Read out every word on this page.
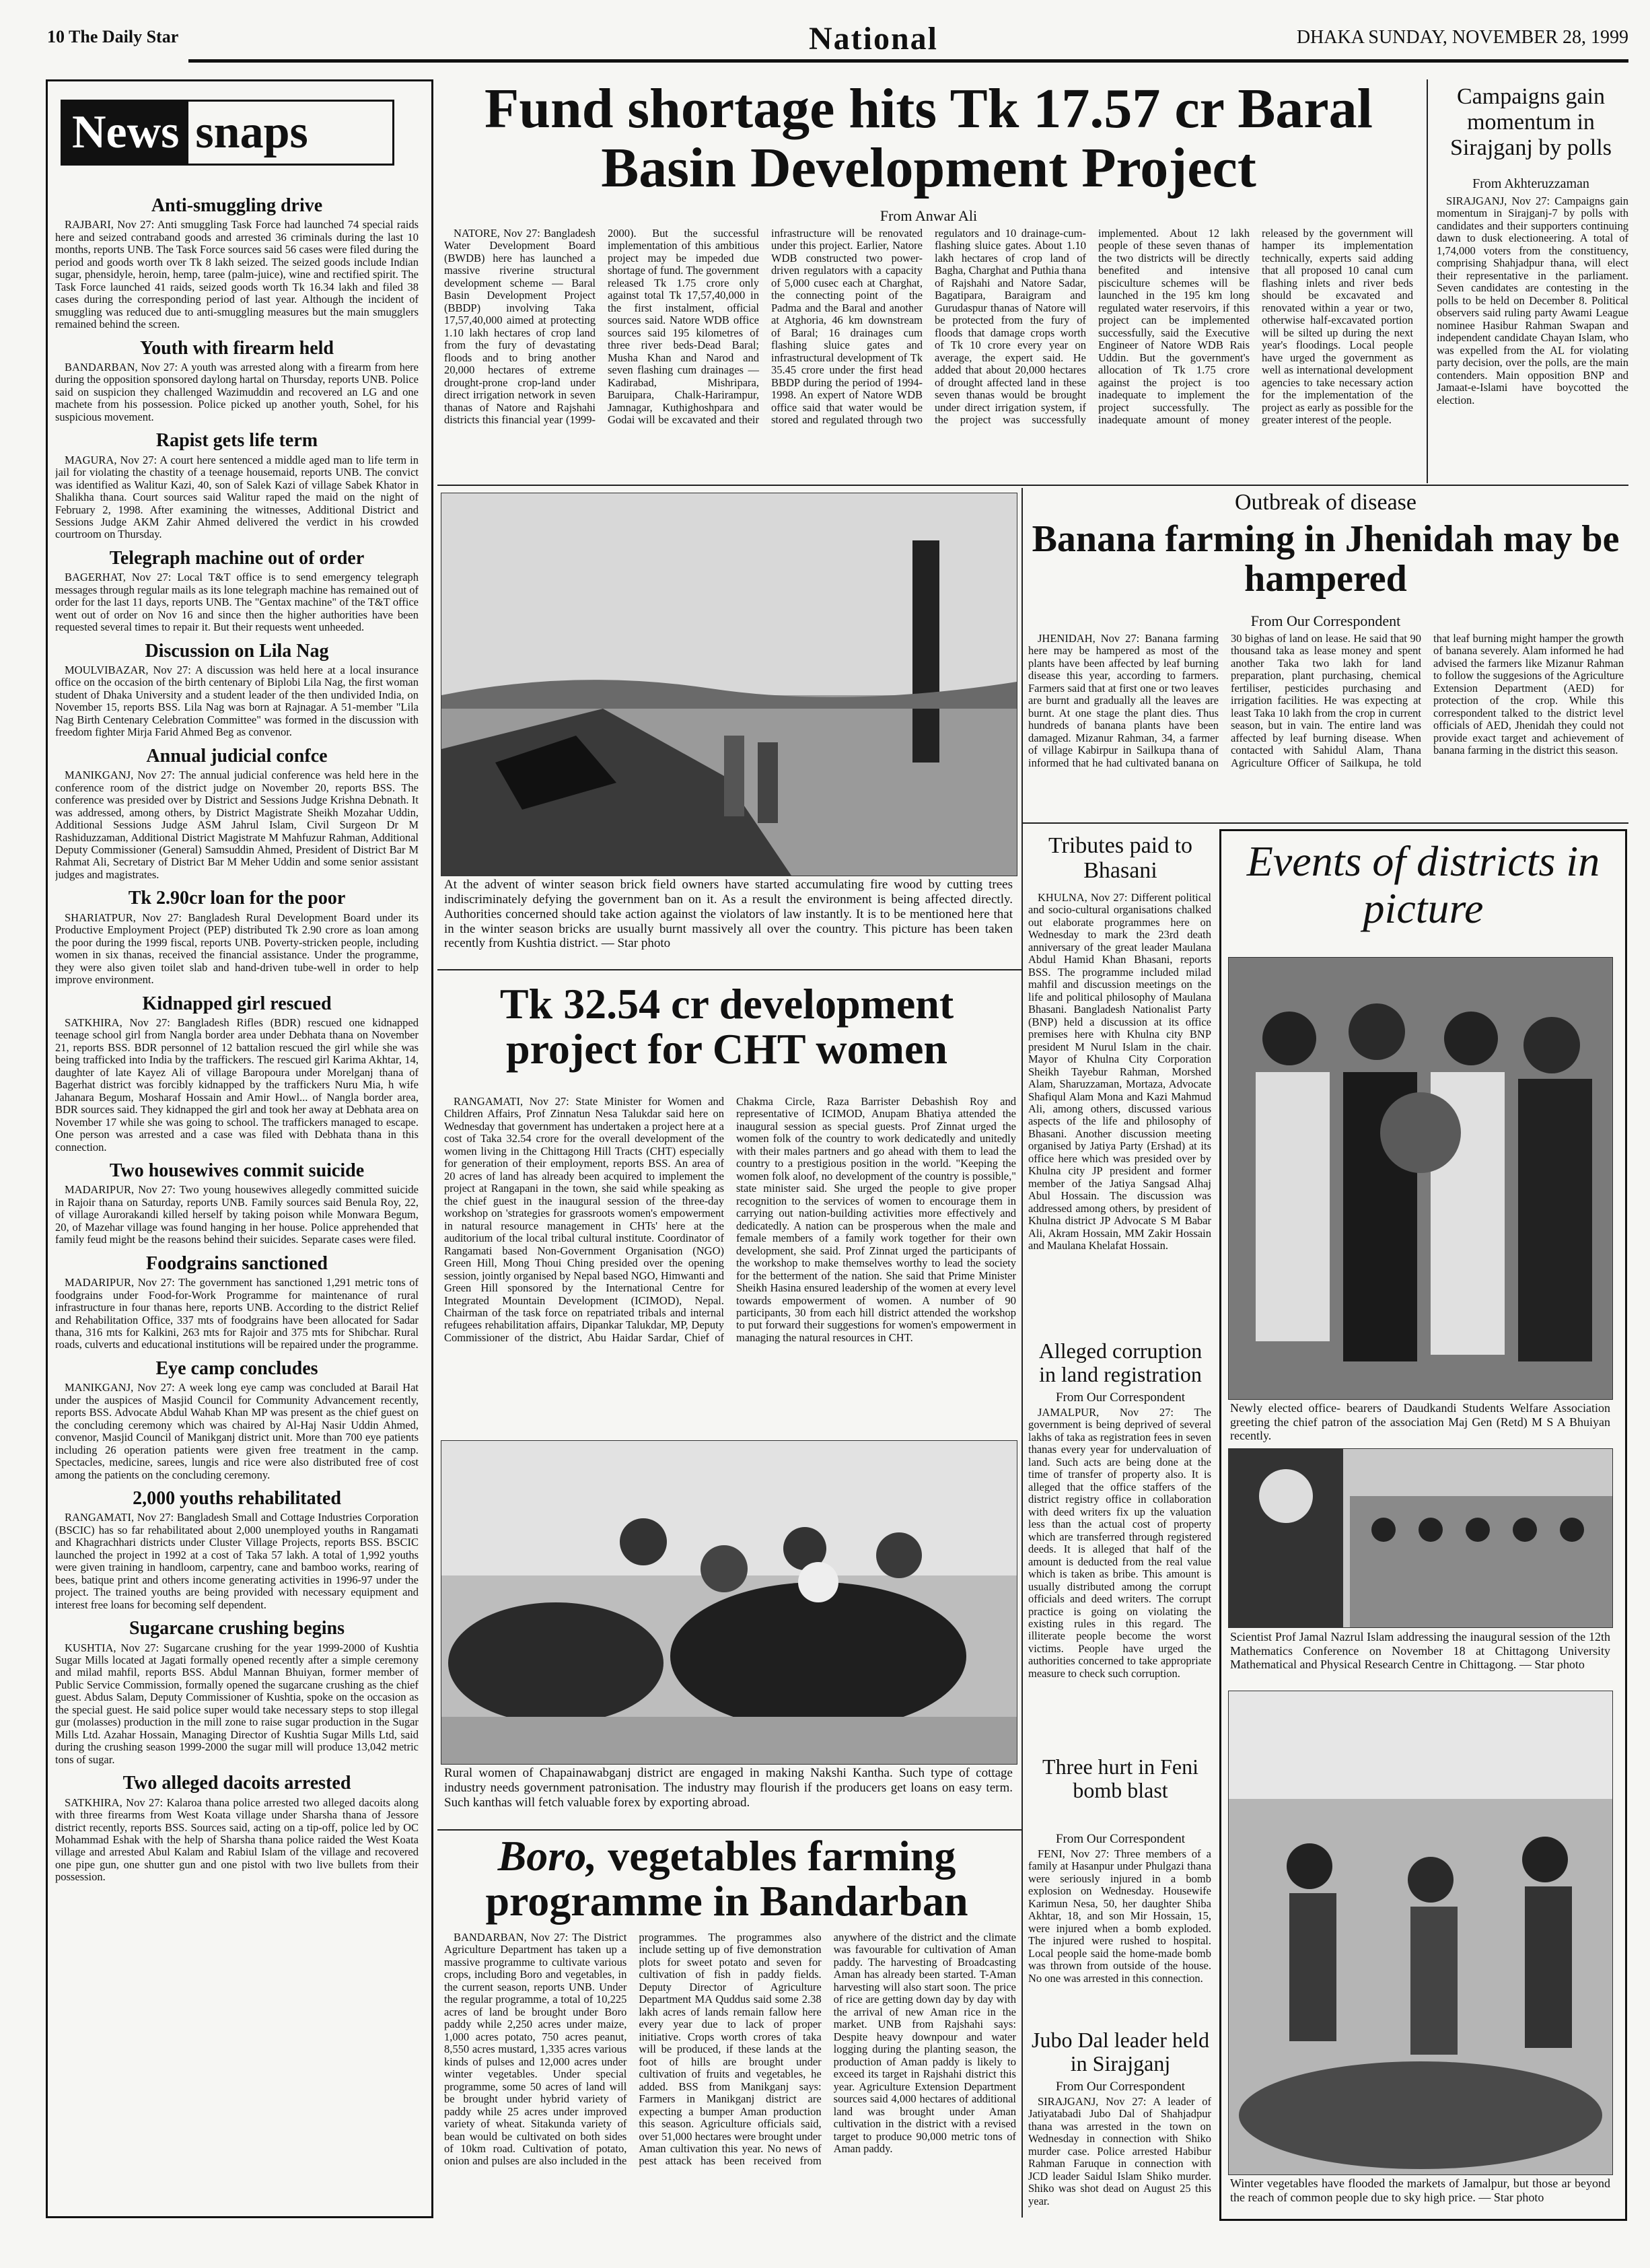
10 The Daily Star	National	DHAKA SUNDAY, NOVEMBER 28, 1999
News snaps
Anti-smuggling drive

RAJBARI, Nov 27: Anti smuggling Task Force had launched 74 special raids here and seized contraband goods and arrested 36 criminals during the last 10 months, reports UNB. The Task Force sources said 56 cases were filed during the period and goods worth over Tk 8 lakh seized. The seized goods include Indian sugar, phensidyle, heroin, hemp, taree (palm-juice), wine and rectified spirit. The Task Force launched 41 raids, seized goods worth Tk 16.34 lakh and filed 38 cases during the corresponding period of last year. Although the incident of smuggling was reduced due to anti-smuggling measures but the main smugglers remained behind the screen.

Youth with firearm held

BANDARBAN, Nov 27: A youth was arrested along with a firearm from here during the opposition sponsored daylong hartal on Thursday, reports UNB. Police said on suspicion they challenged Wazimuddin and recovered an LG and one machete from his possession. Police picked up another youth, Sohel, for his suspicious movement.

Rapist gets life term

MAGURA, Nov 27: A court here sentenced a middle aged man to life term in jail for violating the chastity of a teenage housemaid, reports UNB. The convict was identified as Walitur Kazi, 40, son of Salek Kazi of village Sabek Khator in Shalikha thana. Court sources said Walitur raped the maid on the night of February 2, 1998. After examining the witnesses, Additional District and Sessions Judge AKM Zahir Ahmed delivered the verdict in his crowded courtroom on Thursday.

Telegraph machine out of order

BAGERHAT, Nov 27: Local T&T office is to send emergency telegraph messages through regular mails as its lone telegraph machine has remained out of order for the last 11 days, reports UNB. The "Gentax machine" of the T&T office went out of order on Nov 16 and since then the higher authorities have been requested several times to repair it. But their requests went unheeded.

Discussion on Lila Nag

MOULVIBAZAR, Nov 27: A discussion was held here at a local insurance office on the occasion of the birth centenary of Biplobi Lila Nag, the first woman student of Dhaka University and a student leader of the then undivided India, on November 15, reports BSS. Lila Nag was born at Rajnagar. A 51-member "Lila Nag Birth Centenary Celebration Committee" was formed in the discussion with freedom fighter Mirja Farid Ahmed Beg as convenor.

Annual judicial confce

MANIKGANJ, Nov 27: The annual judicial conference was held here in the conference room of the district judge on November 20, reports BSS. The conference was presided over by District and Sessions Judge Krishna Debnath. It was addressed, among others, by District Magistrate Sheikh Mozahar Uddin, Additional Sessions Judge ASM Jahrul Islam, Civil Surgeon Dr M Rashiduzzaman, Additional District Magistrate M Mahfuzur Rahman, Additional Deputy Commissioner (General) Samsuddin Ahmed, President of District Bar M Rahmat Ali, Secretary of District Bar M Meher Uddin and some senior assistant judges and magistrates.

Tk 2.90cr loan for the poor

SHARIATPUR, Nov 27: Bangladesh Rural Development Board under its Productive Employment Project (PEP) distributed Tk 2.90 crore as loan among the poor during the 1999 fiscal, reports UNB. Poverty-stricken people, including women in six thanas, received the financial assistance. Under the programme, they were also given toilet slab and hand-driven tube-well in order to help improve environment.

Kidnapped girl rescued

SATKHIRA, Nov 27: Bangladesh Rifles (BDR) rescued one kidnapped teenage school girl from Nangla border area under Debhata thana on November 21, reports BSS. BDR personnel of 12 battalion rescued the girl while she was being trafficked into India by the traffickers. The rescued girl Karima Akhtar, 14, daughter of late Kayez Ali of village Baropoura under Morelganj thana of Bagerhat district was forcibly kidnapped by the traffickers Nuru Mia, h wife Jahanara Begum, Mosharaf Hossain and Amir Howl... of Nangla border area, BDR sources said. They kidnapped the girl and took her away at Debhata area on November 17 while she was going to school. The traffickers managed to escape. One person was arrested and a case was filed with Debhata thana in this connection.

Two housewives commit suicide

MADARIPUR, Nov 27: Two young housewives allegedly committed suicide in Rajoir thana on Saturday, reports UNB. Family sources said Benula Roy, 22, of village Aurorakandi killed herself by taking poison while Monwara Begum, 20, of Mazehar village was found hanging in her house. Police apprehended that family feud might be the reasons behind their suicides. Separate cases were filed.

Foodgrains sanctioned

MADARIPUR, Nov 27: The government has sanctioned 1,291 metric tons of foodgrains under Food-for-Work Programme for maintenance of rural infrastructure in four thanas here, reports UNB. According to the district Relief and Rehabilitation Office, 337 mts of foodgrains have been allocated for Sadar thana, 316 mts for Kalkini, 263 mts for Rajoir and 375 mts for Shibchar. Rural roads, culverts and educational institutions will be repaired under the programme.

Eye camp concludes

MANIKGANJ, Nov 27: A week long eye camp was concluded at Barail Hat under the auspices of Masjid Council for Community Advancement recently, reports BSS. Advocate Abdul Wahab Khan MP was present as the chief guest on the concluding ceremony which was chaired by Al-Haj Nasir Uddin Ahmed, convenor, Masjid Council of Manikganj district unit. More than 700 eye patients including 26 operation patients were given free treatment in the camp. Spectacles, medicine, sarees, lungis and rice were also distributed free of cost among the patients on the concluding ceremony.

2,000 youths rehabilitated

RANGAMATI, Nov 27: Bangladesh Small and Cottage Industries Corporation (BSCIC) has so far rehabilitated about 2,000 unemployed youths in Rangamati and Khagrachhari districts under Cluster Village Projects, reports BSS. BSCIC launched the project in 1992 at a cost of Taka 57 lakh. A total of 1,992 youths were given training in handloom, carpentry, cane and bamboo works, rearing of bees, batique print and others income generating activities in 1996-97 under the project. The trained youths are being provided with necessary equipment and interest free loans for becoming self dependent.

Sugarcane crushing begins

KUSHTIA, Nov 27: Sugarcane crushing for the year 1999-2000 of Kushtia Sugar Mills located at Jagati formally opened recently after a simple ceremony and milad mahfil, reports BSS. Abdul Mannan Bhuiyan, former member of Public Service Commission, formally opened the sugarcane crushing as the chief guest. Abdus Salam, Deputy Commissioner of Kushtia, spoke on the occasion as the special guest. He said police super would take necessary steps to stop illegal gur (molasses) production in the mill zone to raise sugar production in the Sugar Mills Ltd. Azahar Hossain, Managing Director of Kushtia Sugar Mills Ltd, said during the crushing season 1999-2000 the sugar mill will produce 13,042 metric tons of sugar.

Two alleged dacoits arrested

SATKHIRA, Nov 27: Kalaroa thana police arrested two alleged dacoits along with three firearms from West Koata village under Sharsha thana of Jessore district recently, reports BSS. Sources said, acting on a tip-off, police led by OC Mohammad Eshak with the help of Sharsha thana police raided the West Koata village and arrested Abul Kalam and Rabiul Islam of the village and recovered one pipe gun, one shutter gun and one pistol with two live bullets from their possession.

Fund shortage hits Tk 17.57 cr Baral Basin Development Project
From Anwar Ali

NATORE, Nov 27: Bangladesh Water Development Board (BWDB) here has launched a massive riverine structural development scheme — Baral Basin Development Project (BBDP) involving Taka 17,57,40,000 aimed at protecting 1.10 lakh hectares of crop land from the fury of devastating floods and to bring another 20,000 hectares of extreme drought-prone crop-land under direct irrigation network in seven thanas of Natore and Rajshahi districts this financial year (1999-2000). But the successful implementation of this ambitious project may be impeded due shortage of fund. The government released Tk 1.75 crore only against total Tk 17,57,40,000 in the first instalment, official sources said. Natore WDB office sources said 195 kilometres of three river beds-Dead Baral; Musha Khan and Narod and seven flashing cum drainages — Kadirabad, Mishripara, Baruipara, Chalk-Harirampur, Jamnagar, Kuthighoshpara and Godai will be excavated and their infrastructure will be renovated under this project. Earlier, Natore WDB constructed two power-driven regulators with a capacity of 5,000 cusec each at Charghat, the connecting point of the Padma and the Baral and another at Atghoria, 46 km downstream of Baral; 16 drainages cum flashing sluice gates and infrastructural development of Tk 35.45 crore under the first head BBDP during the period of 1994-1998. An expert of Natore WDB office said that water would be stored and regulated through two regulators and 10 drainage-cum-flashing sluice gates. About 1.10 lakh hectares of crop land of Bagha, Charghat and Puthia thana of Rajshahi and Natore Sadar, Bagatipara, Baraigram and Gurudaspur thanas of Natore will be protected from the fury of floods that damage crops worth of Tk 10 crore every year on average, the expert said. He added that about 20,000 hectares of drought affected land in these seven thanas would be brought under direct irrigation system, if the project was successfully implemented. About 12 lakh people of these seven thanas of the two districts will be directly benefited and intensive pisciculture schemes will be launched in the 195 km long regulated water reservoirs, if this project can be implemented successfully, said the Executive Engineer of Natore WDB Rais Uddin. But the government's allocation of Tk 1.75 crore against the project is too inadequate to implement the project successfully. The inadequate amount of money released by the government will hamper its implementation technically, experts said adding that all proposed 10 canal cum flashing inlets and river beds should be excavated and renovated within a year or two, otherwise half-excavated portion will be silted up during the next year's floodings. Local people have urged the government as well as international development agencies to take necessary action for the implementation of the project as early as possible for the greater interest of the people.

Campaigns gain momentum in Sirajganj by polls
From Akhteruzzaman

SIRAJGANJ, Nov 27: Campaigns gain momentum in Sirajganj-7 by polls with candidates and their supporters continuing dawn to dusk electioneering. A total of 1,74,000 voters from the constituency, comprising Shahjadpur thana, will elect their representative in the parliament. Seven candidates are contesting in the polls to be held on December 8. Political observers said ruling party Awami League nominee Hasibur Rahman Swapan and independent candidate Chayan Islam, who was expelled from the AL for violating party decision, over the polls, are the main contenders. Main opposition BNP and Jamaat-e-Islami have boycotted the election.

At the advent of winter season brick field owners have started accumulating fire wood by cutting trees indiscriminately defying the government ban on it. As a result the environment is being affected directly. Authorities concerned should take action against the violators of law instantly. It is to be mentioned here that in the winter season bricks are usually burnt massively all over the country. This picture has been taken recently from Kushtia district. — Star photo
Outbreak of disease
Banana farming in Jhenidah may be hampered
From Our Correspondent

JHENIDAH, Nov 27: Banana farming here may be hampered as most of the plants have been affected by leaf burning disease this year, according to farmers. Farmers said that at first one or two leaves are burnt and gradually all the leaves are burnt. At one stage the plant dies. Thus hundreds of banana plants have been damaged. Mizanur Rahman, 34, a farmer of village Kabirpur in Sailkupa thana of informed that he had cultivated banana on 30 bighas of land on lease. He said that 90 thousand taka as lease money and spent another Taka two lakh for land preparation, plant purchasing, chemical fertiliser, pesticides purchasing and irrigation facilities. He was expecting at least Taka 10 lakh from the crop in current season, but in vain. The entire land was affected by leaf burning disease. When contacted with Sahidul Alam, Thana Agriculture Officer of Sailkupa, he told that leaf burning might hamper the growth of banana severely. Alam informed he had advised the farmers like Mizanur Rahman to follow the suggesions of the Agriculture Extension Department (AED) for protection of the crop. While this correspondent talked to the district level officials of AED, Jhenidah they could not provide exact target and achievement of banana farming in the district this season.

Tributes paid to Bhasani

KHULNA, Nov 27: Different political and socio-cultural organisations chalked out elaborate programmes here on Wednesday to mark the 23rd death anniversary of the great leader Maulana Abdul Hamid Khan Bhasani, reports BSS. The programme included milad mahfil and discussion meetings on the life and political philosophy of Maulana Bhasani. Bangladesh Nationalist Party (BNP) held a discussion at its office premises here with Khulna city BNP president M Nurul Islam in the chair. Mayor of Khulna City Corporation Sheikh Tayebur Rahman, Morshed Alam, Sharuzzaman, Mortaza, Advocate Shafiqul Alam Mona and Kazi Mahmud Ali, among others, discussed various aspects of the life and philosophy of Bhasani. Another discussion meeting organised by Jatiya Party (Ershad) at its office here which was presided over by Khulna city JP president and former member of the Jatiya Sangsad Alhaj Abul Hossain. The discussion was addressed among others, by president of Khulna district JP Advocate S M Babar Ali, Akram Hossain, MM Zakir Hossain and Maulana Khelafat Hossain.

Alleged corruption in land registration
From Our Correspondent

JAMALPUR, Nov 27: The government is being deprived of several lakhs of taka as registration fees in seven thanas every year for undervaluation of land. Such acts are being done at the time of transfer of property also. It is alleged that the office staffers of the district registry office in collaboration with deed writers fix up the valuation less than the actual cost of property which are transferred through registered deeds. It is alleged that half of the amount is deducted from the real value which is taken as bribe. This amount is usually distributed among the corrupt officials and deed writers. The corrupt practice is going on violating the existing rules in this regard. The illiterate people become the worst victims. People have urged the authorities concerned to take appropriate measure to check such corruption.

Three hurt in Feni bomb blast
From Our Correspondent

FENI, Nov 27: Three members of a family at Hasanpur under Phulgazi thana were seriously injured in a bomb explosion on Wednesday. Housewife Karimun Nesa, 50, her daughter Shiba Akhtar, 18, and son Mir Hossain, 15, were injured when a bomb exploded. The injured were rushed to hospital. Local people said the home-made bomb was thrown from outside of the house. No one was arrested in this connection.

Jubo Dal leader held in Sirajganj
From Our Correspondent

SIRAJGANJ, Nov 27: A leader of Jatiyatabadi Jubo Dal of Shahjadpur thana was arrested in the town on Wednesday in connection with Shiko murder case. Police arrested Habibur Rahman Faruque in connection with JCD leader Saidul Islam Shiko murder. Shiko was shot dead on August 25 this year.

Tk 32.54 cr development project for CHT women

RANGAMATI, Nov 27: State Minister for Women and Children Affairs, Prof Zinnatun Nesa Talukdar said here on Wednesday that government has undertaken a project here at a cost of Taka 32.54 crore for the overall development of the women living in the Chittagong Hill Tracts (CHT) especially for generation of their employment, reports BSS. An area of 20 acres of land has already been acquired to implement the project at Rangapani in the town, she said while speaking as the chief guest in the inaugural session of the three-day workshop on 'strategies for grassroots women's empowerment in natural resource management in CHTs' here at the auditorium of the local tribal cultural institute. Coordinator of Rangamati based Non-Government Organisation (NGO) Green Hill, Mong Thoui Ching presided over the opening session, jointly organised by Nepal based NGO, Himwanti and Green Hill sponsored by the International Centre for Integrated Mountain Development (ICIMOD), Nepal. Chairman of the task force on repatriated tribals and internal refugees rehabilitation affairs, Dipankar Talukdar, MP, Deputy Commissioner of the district, Abu Haidar Sardar, Chief of Chakma Circle, Raza Barrister Debashish Roy and representative of ICIMOD, Anupam Bhatiya attended the inaugural session as special guests. Prof Zinnat urged the women folk of the country to work dedicatedly and unitedly with their males partners and go ahead with them to lead the country to a prestigious position in the world. "Keeping the women folk aloof, no development of the country is possible," state minister said. She urged the people to give proper recognition to the services of women to encourage them in carrying out nation-building activities more effectively and dedicatedly. A nation can be prosperous when the male and female members of a family work together for their own development, she said. Prof Zinnat urged the participants of the workshop to make themselves worthy to lead the society for the betterment of the nation. She said that Prime Minister Sheikh Hasina ensured leadership of the women at every level towards empowerment of women. A number of 90 participants, 30 from each hill district attended the workshop to put forward their suggestions for women's empowerment in managing the natural resources in CHT.

Rural women of Chapainawabganj district are engaged in making Nakshi Kantha. Such type of cottage industry needs government patronisation. The industry may flourish if the producers get loans on easy term. Such kanthas will fetch valuable forex by exporting abroad.
Boro, vegetables farming programme in Bandarban

BANDARBAN, Nov 27: The District Agriculture Department has taken up a massive programme to cultivate various crops, including Boro and vegetables, in the current season, reports UNB. Under the regular programme, a total of 10,225 acres of land be brought under Boro paddy while 2,250 acres under maize, 1,000 acres potato, 750 acres peanut, 8,550 acres mustard, 1,335 acres various kinds of pulses and 12,000 acres under winter vegetables. Under special programme, some 50 acres of land will be brought under hybrid variety of paddy while 25 acres under improved variety of wheat. Sitakunda variety of bean would be cultivated on both sides of 10km road. Cultivation of potato, onion and pulses are also included in the programmes. The programmes also include setting up of five demonstration plots for sweet potato and seven for cultivation of fish in paddy fields. Deputy Director of Agriculture Department MA Quddus said some 2.38 lakh acres of lands remain fallow here every year due to lack of proper initiative. Crops worth crores of taka will be produced, if these lands at the foot of hills are brought under cultivation of fruits and vegetables, he added. BSS from Manikganj says: Farmers in Manikganj district are expecting a bumper Aman production this season. Agriculture officials said, over 51,000 hectares were brought under Aman cultivation this year. No news of pest attack has been received from anywhere of the district and the climate was favourable for cultivation of Aman paddy. The harvesting of Broadcasting Aman has already been started. T-Aman harvesting will also start soon. The price of rice are getting down day by day with the arrival of new Aman rice in the market. UNB from Rajshahi says: Despite heavy downpour and water logging during the planting season, the production of Aman paddy is likely to exceed its target in Rajshahi district this year. Agriculture Extension Department sources said 4,000 hectares of additional land was brought under Aman cultivation in the district with a revised target to produce 90,000 metric tons of Aman paddy.

Events of districts in picture
Newly elected office- bearers of Daudkandi Students Welfare Association greeting the chief patron of the association Maj Gen (Retd) M S A Bhuiyan recently.
Scientist Prof Jamal Nazrul Islam addressing the inaugural session of the 12th Mathematics Conference on November 18 at Chittagong University Mathematical and Physical Research Centre in Chittagong. — Star photo
Winter vegetables have flooded the markets of Jamalpur, but those ar beyond the reach of common people due to sky high price. — Star photo
